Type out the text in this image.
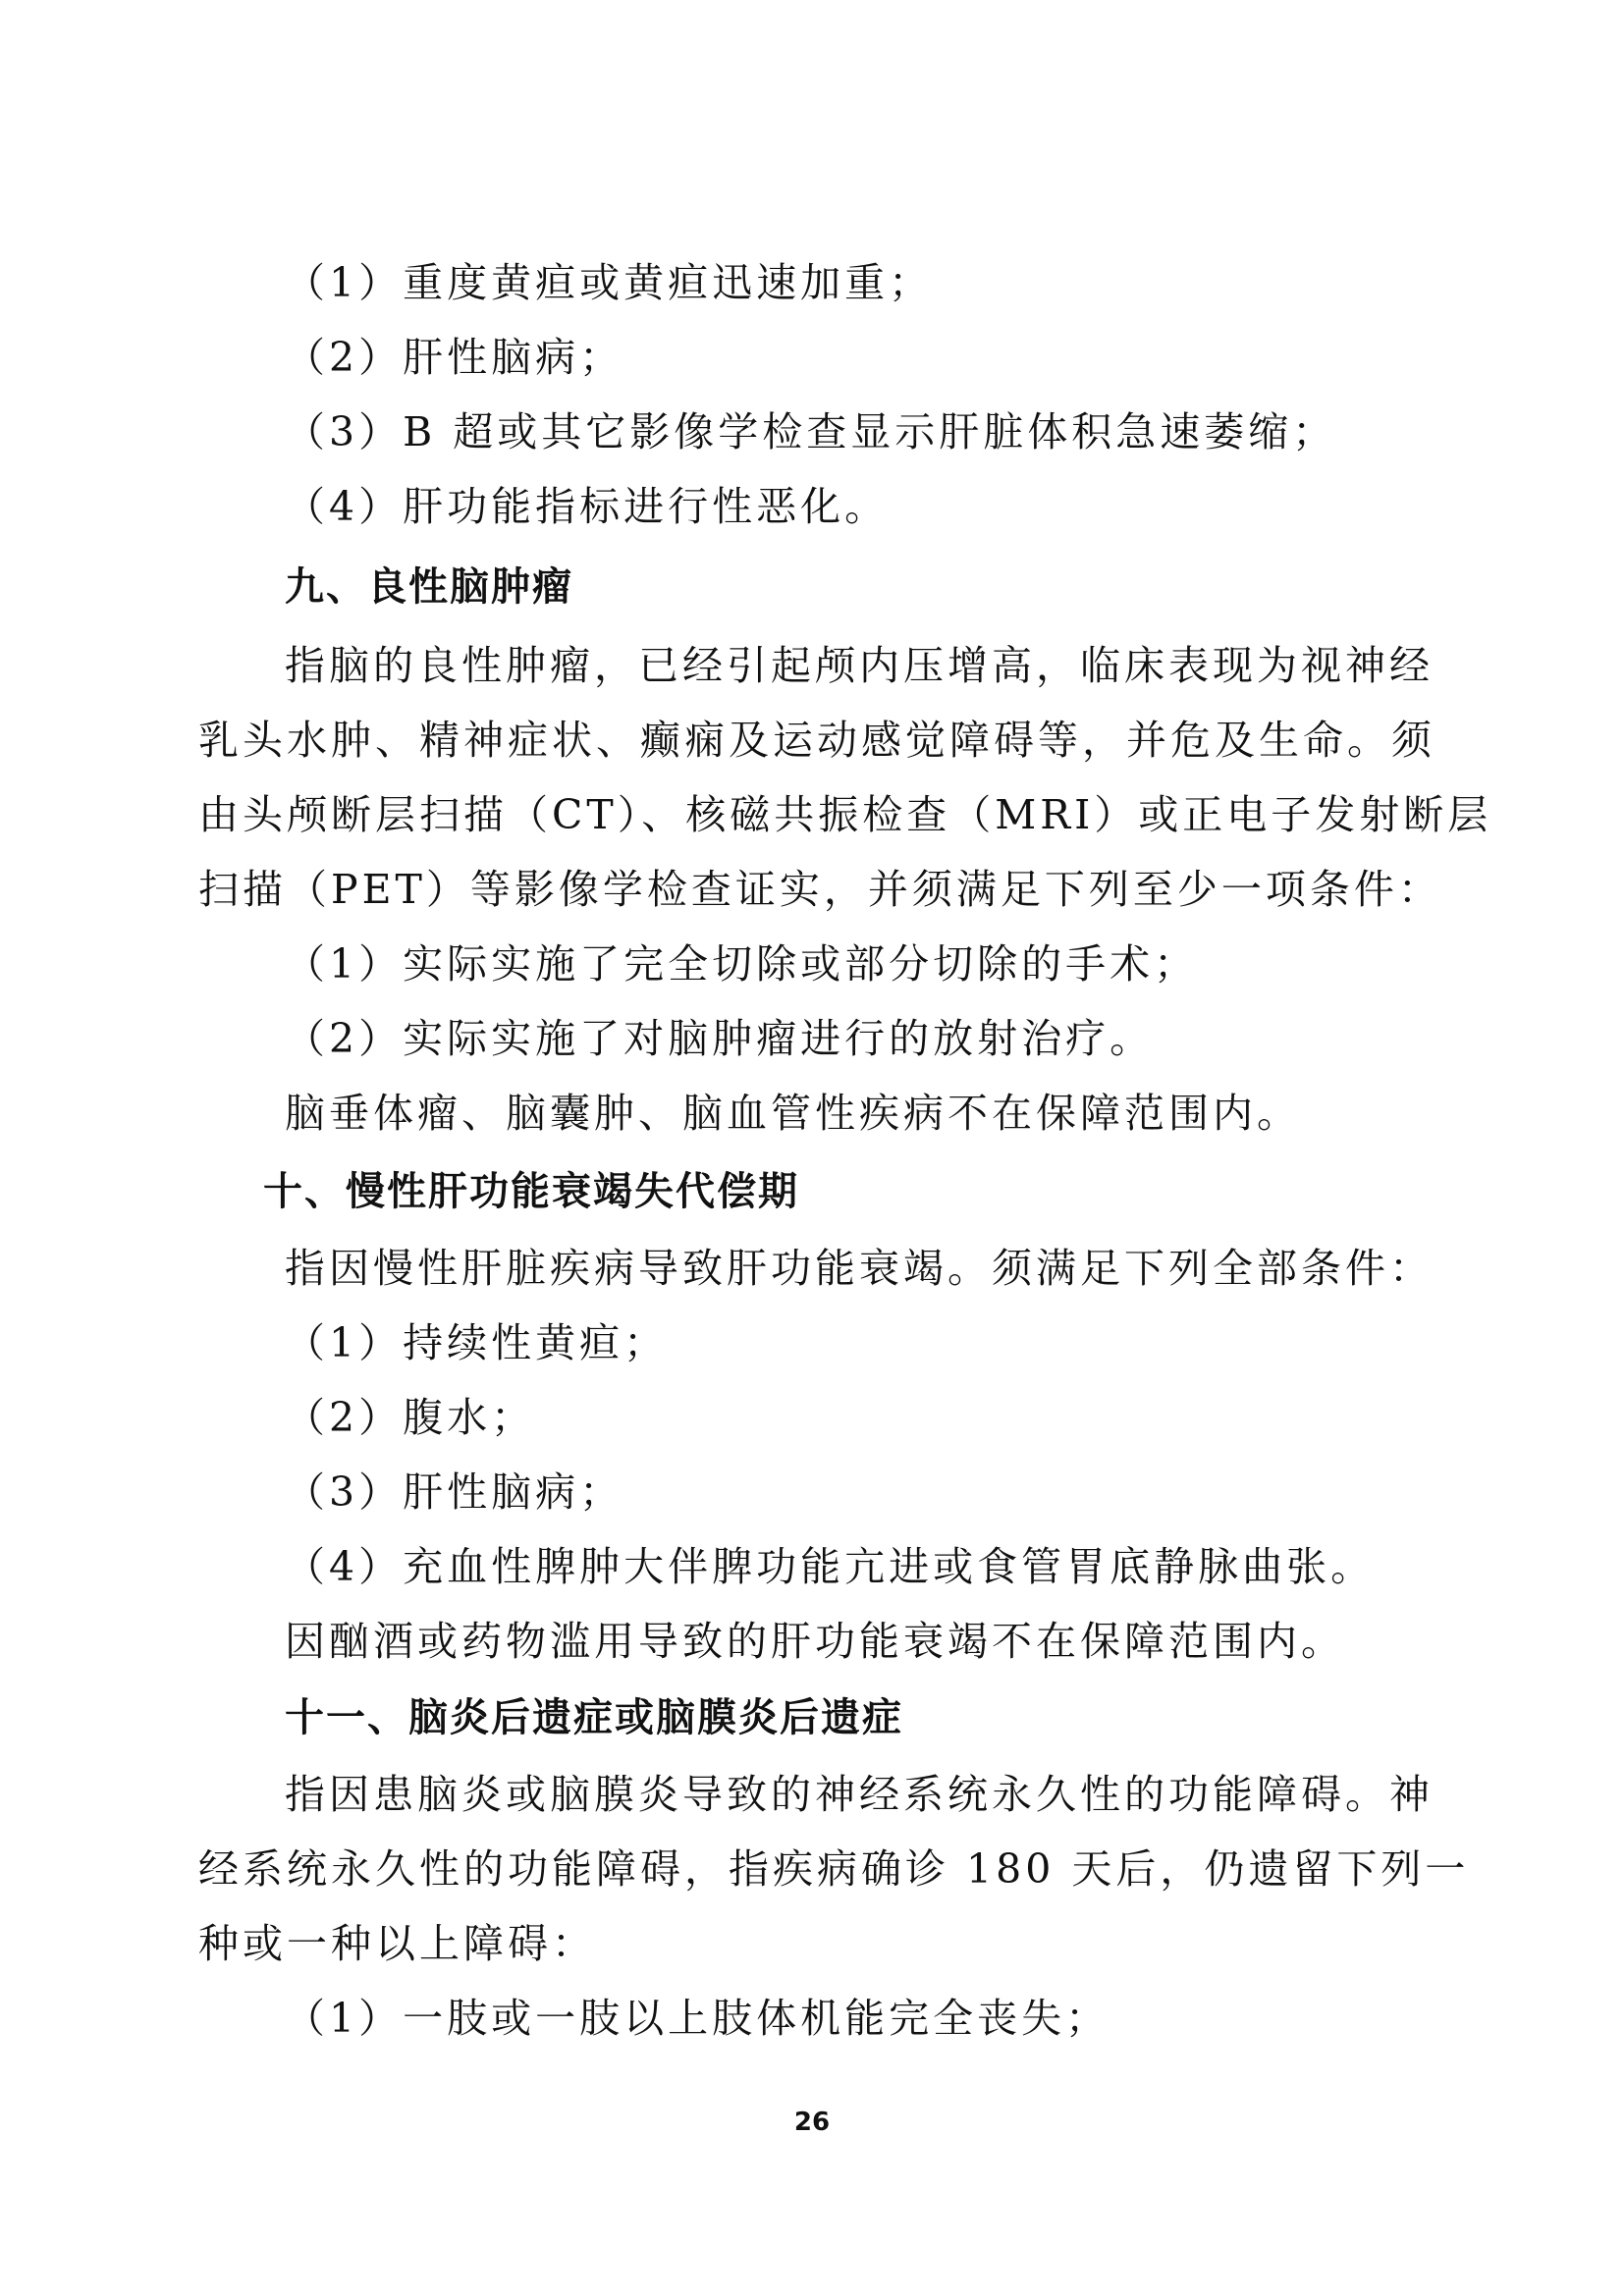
（1）重度黄疸或黄疸迅速加重；
（2）肝性脑病；
（3）B 超或其它影像学检查显示肝脏体积急速萎缩；
（4）肝功能指标进行性恶化。
九、良性脑肿瘤
指脑的良性肿瘤，已经引起颅内压增高，临床表现为视神经
乳头水肿、精神症状、癫痫及运动感觉障碍等，并危及生命。须
由头颅断层扫描（CT）、核磁共振检查（MRI）或正电子发射断层
扫描（PET）等影像学检查证实，并须满足下列至少一项条件：
（1）实际实施了完全切除或部分切除的手术；
（2）实际实施了对脑肿瘤进行的放射治疗。
脑垂体瘤、脑囊肿、脑血管性疾病不在保障范围内。
十、慢性肝功能衰竭失代偿期
指因慢性肝脏疾病导致肝功能衰竭。须满足下列全部条件：
（1）持续性黄疸；
（2）腹水；
（3）肝性脑病；
（4）充血性脾肿大伴脾功能亢进或食管胃底静脉曲张。
因酗酒或药物滥用导致的肝功能衰竭不在保障范围内。
十一、脑炎后遗症或脑膜炎后遗症
指因患脑炎或脑膜炎导致的神经系统永久性的功能障碍。神
经系统永久性的功能障碍，指疾病确诊 180 天后，仍遗留下列一
种或一种以上障碍：
（1）一肢或一肢以上肢体机能完全丧失；
26
